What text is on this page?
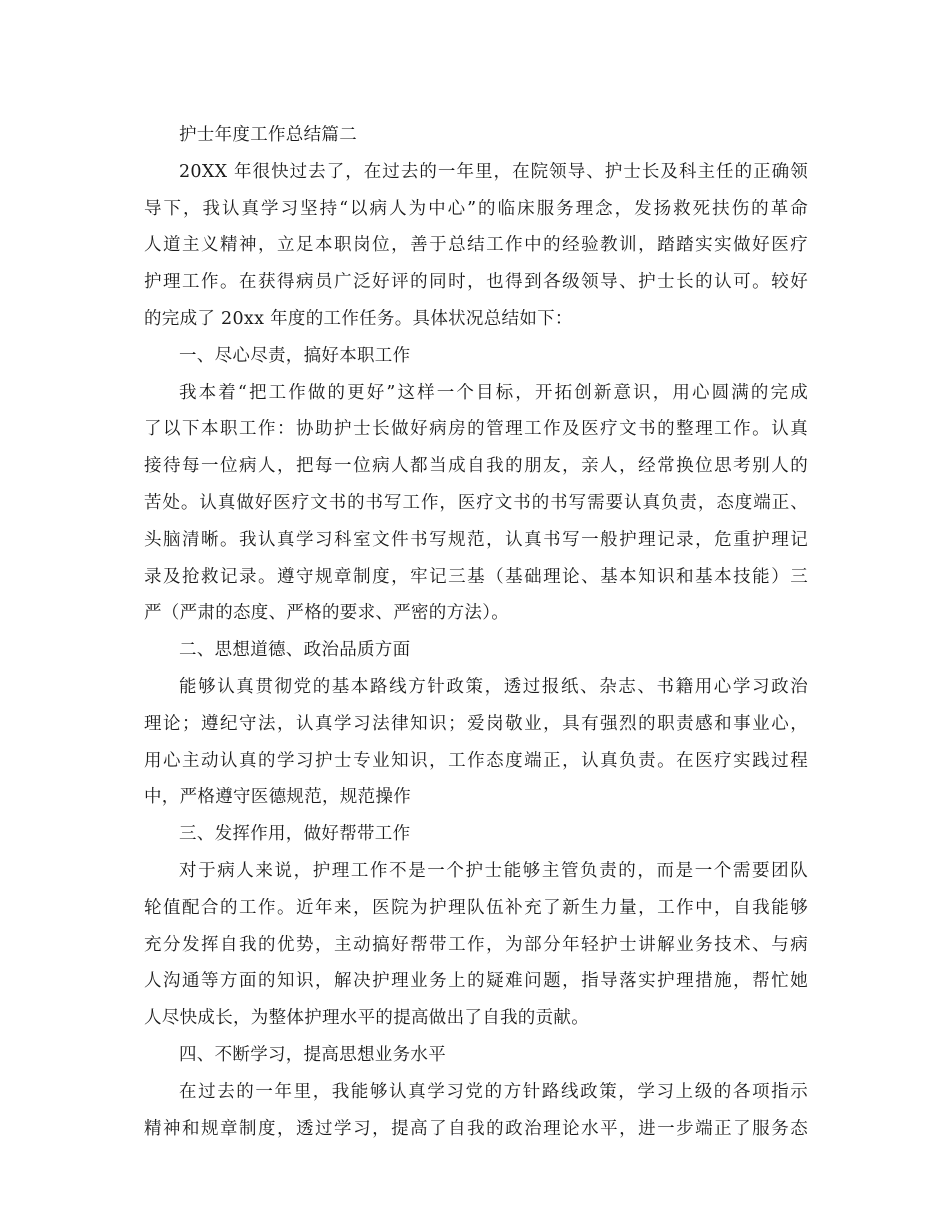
护士年度工作总结篇二
20XX 年很快过去了，在过去的一年里，在院领导、护士长及科主任的正确领
导下，我认真学习坚持“以病人为中心”的临床服务理念，发扬救死扶伤的革命
人道主义精神，立足本职岗位，善于总结工作中的经验教训，踏踏实实做好医疗
护理工作。在获得病员广泛好评的同时，也得到各级领导、护士长的认可。较好
的完成了 20xx 年度的工作任务。具体状况总结如下：
一、尽心尽责，搞好本职工作
我本着“把工作做的更好”这样一个目标，开拓创新意识，用心圆满的完成
了以下本职工作：协助护士长做好病房的管理工作及医疗文书的整理工作。认真
接待每一位病人，把每一位病人都当成自我的朋友，亲人，经常换位思考别人的
苦处。认真做好医疗文书的书写工作，医疗文书的书写需要认真负责，态度端正、
头脑清晰。我认真学习科室文件书写规范，认真书写一般护理记录，危重护理记
录及抢救记录。遵守规章制度，牢记三基（基础理论、基本知识和基本技能）三
严（严肃的态度、严格的要求、严密的方法）。
二、思想道德、政治品质方面
能够认真贯彻党的基本路线方针政策，透过报纸、杂志、书籍用心学习政治
理论；遵纪守法，认真学习法律知识；爱岗敬业，具有强烈的职责感和事业心，
用心主动认真的学习护士专业知识，工作态度端正，认真负责。在医疗实践过程
中，严格遵守医德规范，规范操作
三、发挥作用，做好帮带工作
对于病人来说，护理工作不是一个护士能够主管负责的，而是一个需要团队
轮值配合的工作。近年来，医院为护理队伍补充了新生力量，工作中，自我能够
充分发挥自我的优势，主动搞好帮带工作，为部分年轻护士讲解业务技术、与病
人沟通等方面的知识，解决护理业务上的疑难问题，指导落实护理措施，帮忙她
人尽快成长，为整体护理水平的提高做出了自我的贡献。
四、不断学习，提高思想业务水平
在过去的一年里，我能够认真学习党的方针路线政策，学习上级的各项指示
精神和规章制度，透过学习，提高了自我的政治理论水平，进一步端正了服务态
